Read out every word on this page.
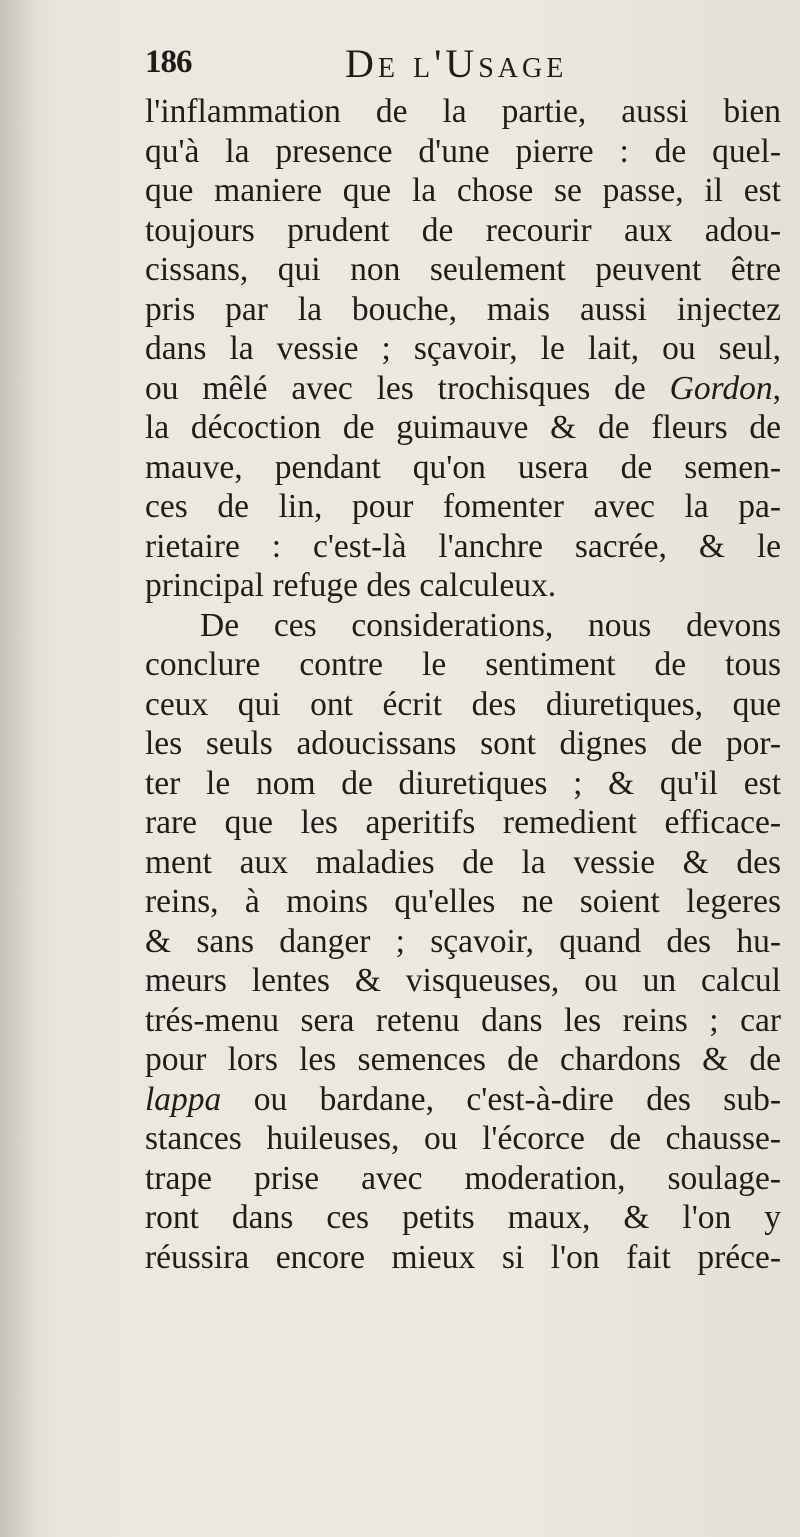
186	De l'Usage
l'inflammation de la partie, aussi bien
qu'à la presence d'une pierre : de quel-
que maniere que la chose se passe, il est
toujours prudent de recourir aux adou-
cissans, qui non seulement peuvent être
pris par la bouche, mais aussi injectez
dans la vessie ; sçavoir, le lait, ou seul,
ou mêlé avec les trochisques de Gordon,
la décoction de guimauve & de fleurs de
mauve, pendant qu'on usera de semen-
ces de lin, pour fomenter avec la pa-
rietaire : c'est-là l'anchre sacrée, & le
principal refuge des calculeux.
De ces considerations, nous devons
conclure contre le sentiment de tous
ceux qui ont écrit des diuretiques, que
les seuls adoucissans sont dignes de por-
ter le nom de diuretiques ; & qu'il est
rare que les aperitifs remedient efficace-
ment aux maladies de la vessie & des
reins, à moins qu'elles ne soient legeres
& sans danger ; sçavoir, quand des hu-
meurs lentes & visqueuses, ou un calcul
trés-menu sera retenu dans les reins ; car
pour lors les semences de chardons & de
lappa ou bardane, c'est-à-dire des sub-
stances huileuses, ou l'écorce de chausse-
trape prise avec moderation, soulage-
ront dans ces petits maux, & l'on y
réussira encore mieux si l'on fait préce-
